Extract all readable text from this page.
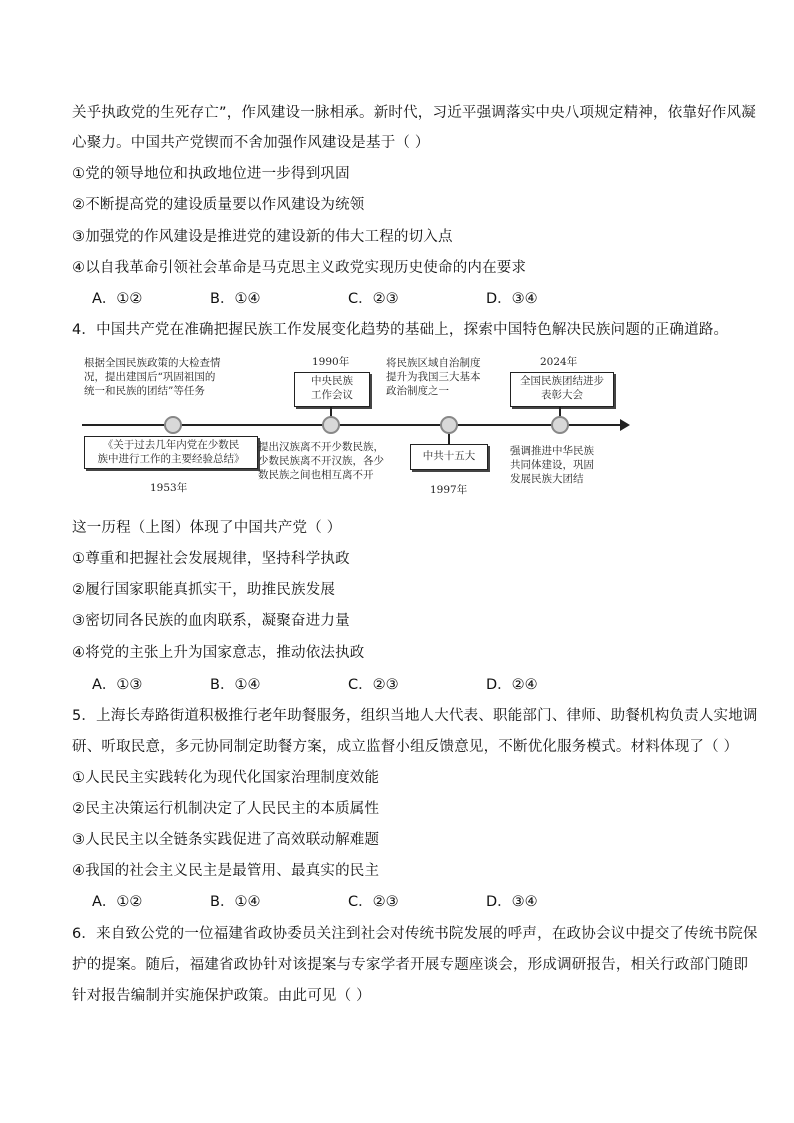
关乎执政党的生死存亡”，作风建设一脉相承。新时代，习近平强调落实中央八项规定精神，依靠好作风凝
心聚力。中国共产党锲而不舍加强作风建设是基于（ ）
①党的领导地位和执政地位进一步得到巩固
②不断提高党的建设质量要以作风建设为统领
③加强党的作风建设是推进党的建设新的伟大工程的切入点
④以自我革命引领社会革命是马克思主义政党实现历史使命的内在要求
A．①②	B．①④	C．②③	D．③④
4．中国共产党在准确把握民族工作发展变化趋势的基础上，探索中国特色解决民族问题的正确道路。
根据全国民族政策的大检查情
况，提出建国后“巩固祖国的
统一和民族的团结”等任务
《关于过去几年内党在少数民
族中进行工作的主要经验总结》
1953年
1990年
中央民族
工作会议
提出汉族离不开少数民族，
少数民族离不开汉族，各少
数民族之间也相互离不开
将民族区域自治制度
提升为我国三大基本
政治制度之一
中共十五大
1997年
2024年
全国民族团结进步
表彰大会
强调推进中华民族
共同体建设，巩固
发展民族大团结
这一历程（上图）体现了中国共产党（ ）
①尊重和把握社会发展规律，坚持科学执政
②履行国家职能真抓实干，助推民族发展
③密切同各民族的血肉联系，凝聚奋进力量
④将党的主张上升为国家意志，推动依法执政
A．①③	B．①④	C．②③	D．②④
5．上海长寿路街道积极推行老年助餐服务，组织当地人大代表、职能部门、律师、助餐机构负责人实地调
研、听取民意，多元协同制定助餐方案，成立监督小组反馈意见，不断优化服务模式。材料体现了（ ）
①人民民主实践转化为现代化国家治理制度效能
②民主决策运行机制决定了人民民主的本质属性
③人民民主以全链条实践促进了高效联动解难题
④我国的社会主义民主是最管用、最真实的民主
A．①②	B．①④	C．②③	D．③④
6．来自致公党的一位福建省政协委员关注到社会对传统书院发展的呼声，在政协会议中提交了传统书院保
护的提案。随后，福建省政协针对该提案与专家学者开展专题座谈会，形成调研报告，相关行政部门随即
针对报告编制并实施保护政策。由此可见（ ）
